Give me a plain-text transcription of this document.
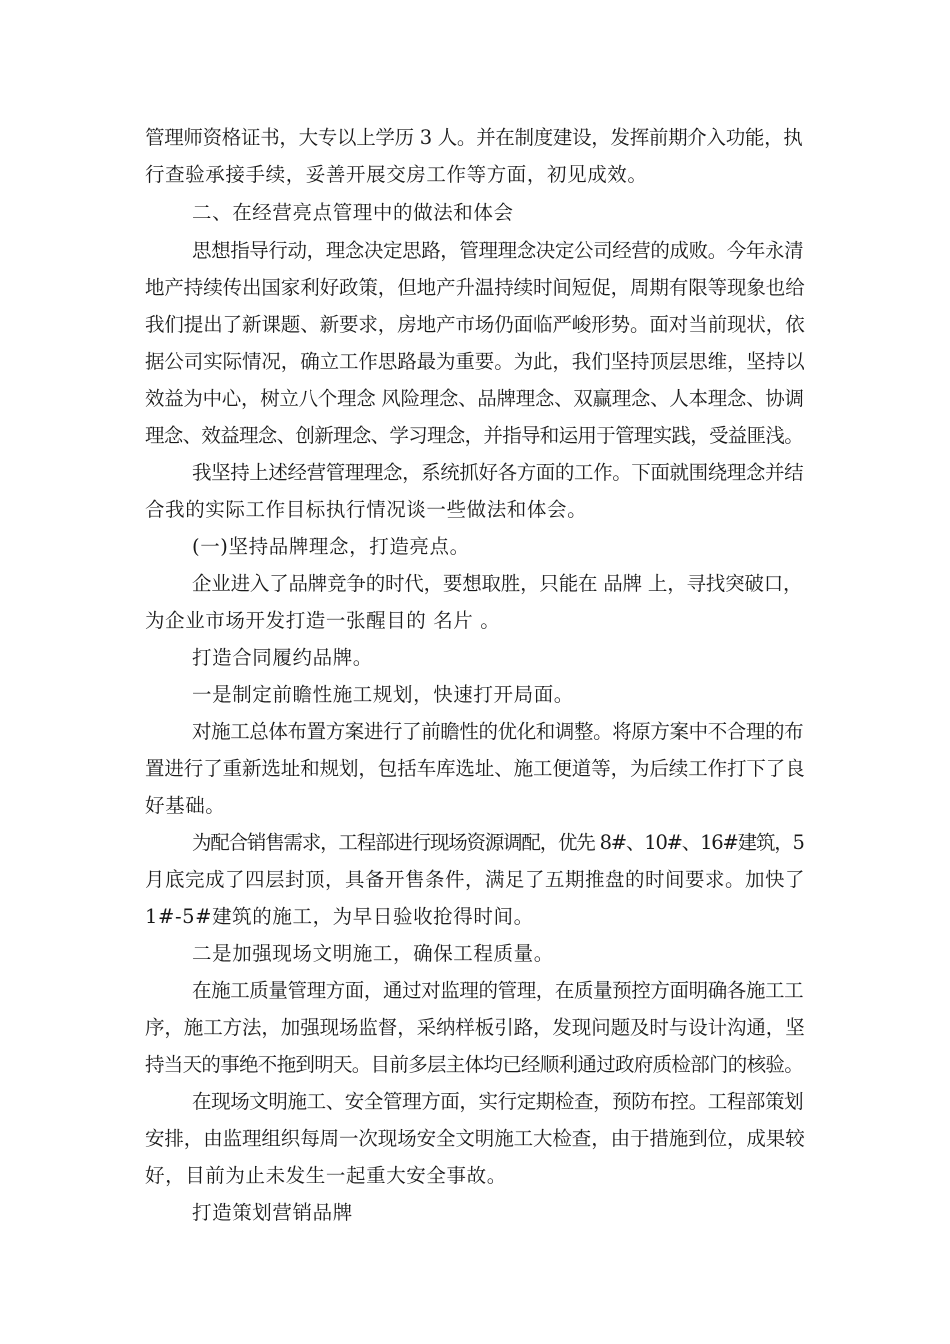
管理师资格证书，大专以上学历 3 人。并在制度建设，发挥前期介入功能，执
行查验承接手续，妥善开展交房工作等方面，初见成效。
二、在经营亮点管理中的做法和体会
思想指导行动，理念决定思路，管理理念决定公司经营的成败。今年永清
地产持续传出国家利好政策，但地产升温持续时间短促，周期有限等现象也给
我们提出了新课题、新要求，房地产市场仍面临严峻形势。面对当前现状，依
据公司实际情况，确立工作思路最为重要。为此，我们坚持顶层思维，坚持以
效益为中心，树立八个理念 风险理念、品牌理念、双赢理念、人本理念、协调
理念、效益理念、创新理念、学习理念，并指导和运用于管理实践，受益匪浅。
我坚持上述经营管理理念，系统抓好各方面的工作。下面就围绕理念并结
合我的实际工作目标执行情况谈一些做法和体会。
(一)坚持品牌理念，打造亮点。
企业进入了品牌竞争的时代，要想取胜，只能在 品牌 上，寻找突破口，
为企业市场开发打造一张醒目的 名片 。
打造合同履约品牌。
一是制定前瞻性施工规划，快速打开局面。
对施工总体布置方案进行了前瞻性的优化和调整。将原方案中不合理的布
置进行了重新选址和规划，包括车库选址、施工便道等，为后续工作打下了良
好基础。
为配合销售需求，工程部进行现场资源调配，优先 8#、10#、16#建筑，5
月底完成了四层封顶，具备开售条件，满足了五期推盘的时间要求。加快了
1#-5#建筑的施工，为早日验收抢得时间。
二是加强现场文明施工，确保工程质量。
在施工质量管理方面，通过对监理的管理，在质量预控方面明确各施工工
序，施工方法，加强现场监督，采纳样板引路，发现问题及时与设计沟通，坚
持当天的事绝不拖到明天。目前多层主体均已经顺利通过政府质检部门的核验。
在现场文明施工、安全管理方面，实行定期检查，预防布控。工程部策划
安排，由监理组织每周一次现场安全文明施工大检查，由于措施到位，成果较
好，目前为止未发生一起重大安全事故。
打造策划营销品牌
